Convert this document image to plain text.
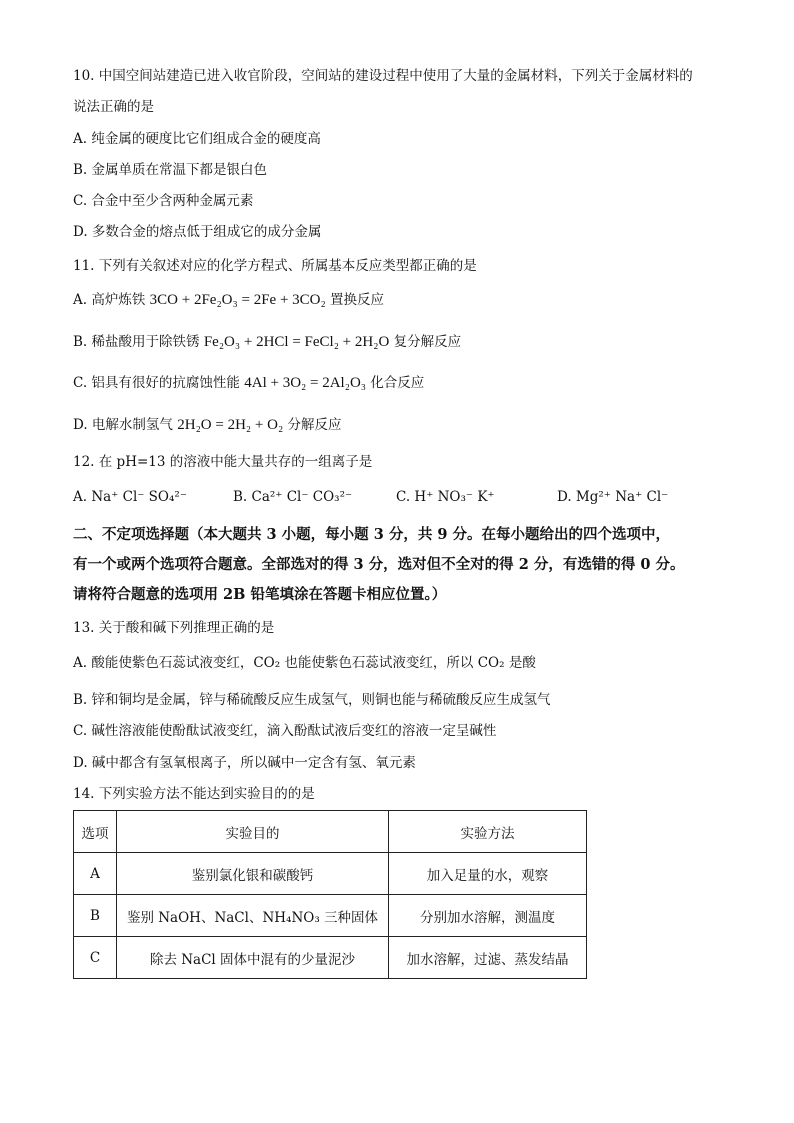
10. 中国空间站建造已进入收官阶段，空间站的建设过程中使用了大量的金属材料，下列关于金属材料的
说法正确的是
A. 纯金属的硬度比它们组成合金的硬度高
B. 金属单质在常温下都是银白色
C. 合金中至少含两种金属元素
D. 多数合金的熔点低于组成它的成分金属
11. 下列有关叙述对应的化学方程式、所属基本反应类型都正确的是
A. 高炉炼铁 3CO + 2Fe₂O₃ = 2Fe + 3CO₂ 置换反应
B. 稀盐酸用于除铁锈 Fe₂O₃ + 2HCl = FeCl₂ + 2H₂O 复分解反应
C. 铝具有很好的抗腐蚀性能 4Al + 3O₂ = 2Al₂O₃ 化合反应
D. 电解水制氢气 2H₂O = 2H₂ + O₂ 分解反应
12. 在 pH=13 的溶液中能大量共存的一组离子是
A. Na⁺ Cl⁻ SO₄²⁻	B. Ca²⁺ Cl⁻ CO₃²⁻	C. H⁺ NO₃⁻ K⁺	D. Mg²⁺ Na⁺ Cl⁻
二、不定项选择题（本大题共 3 小题，每小题 3 分，共 9 分。在每小题给出的四个选项中，
有一个或两个选项符合题意。全部选对的得 3 分，选对但不全对的得 2 分，有选错的得 0 分。
请将符合题意的选项用 2B 铅笔填涂在答题卡相应位置。）
13. 关于酸和碱下列推理正确的是
A. 酸能使紫色石蕊试液变红，CO₂ 也能使紫色石蕊试液变红，所以 CO₂ 是酸
B. 锌和铜均是金属，锌与稀硫酸反应生成氢气，则铜也能与稀硫酸反应生成氢气
C. 碱性溶液能使酚酞试液变红，滴入酚酞试液后变红的溶液一定呈碱性
D. 碱中都含有氢氧根离子，所以碱中一定含有氢、氧元素
14. 下列实验方法不能达到实验目的的是
选项	实验目的	实验方法
A	鉴别氯化银和碳酸钙	加入足量的水，观察
B	鉴别 NaOH、NaCl、NH₄NO₃ 三种固体	分别加水溶解，测温度
C	除去 NaCl 固体中混有的少量泥沙	加水溶解，过滤、蒸发结晶
